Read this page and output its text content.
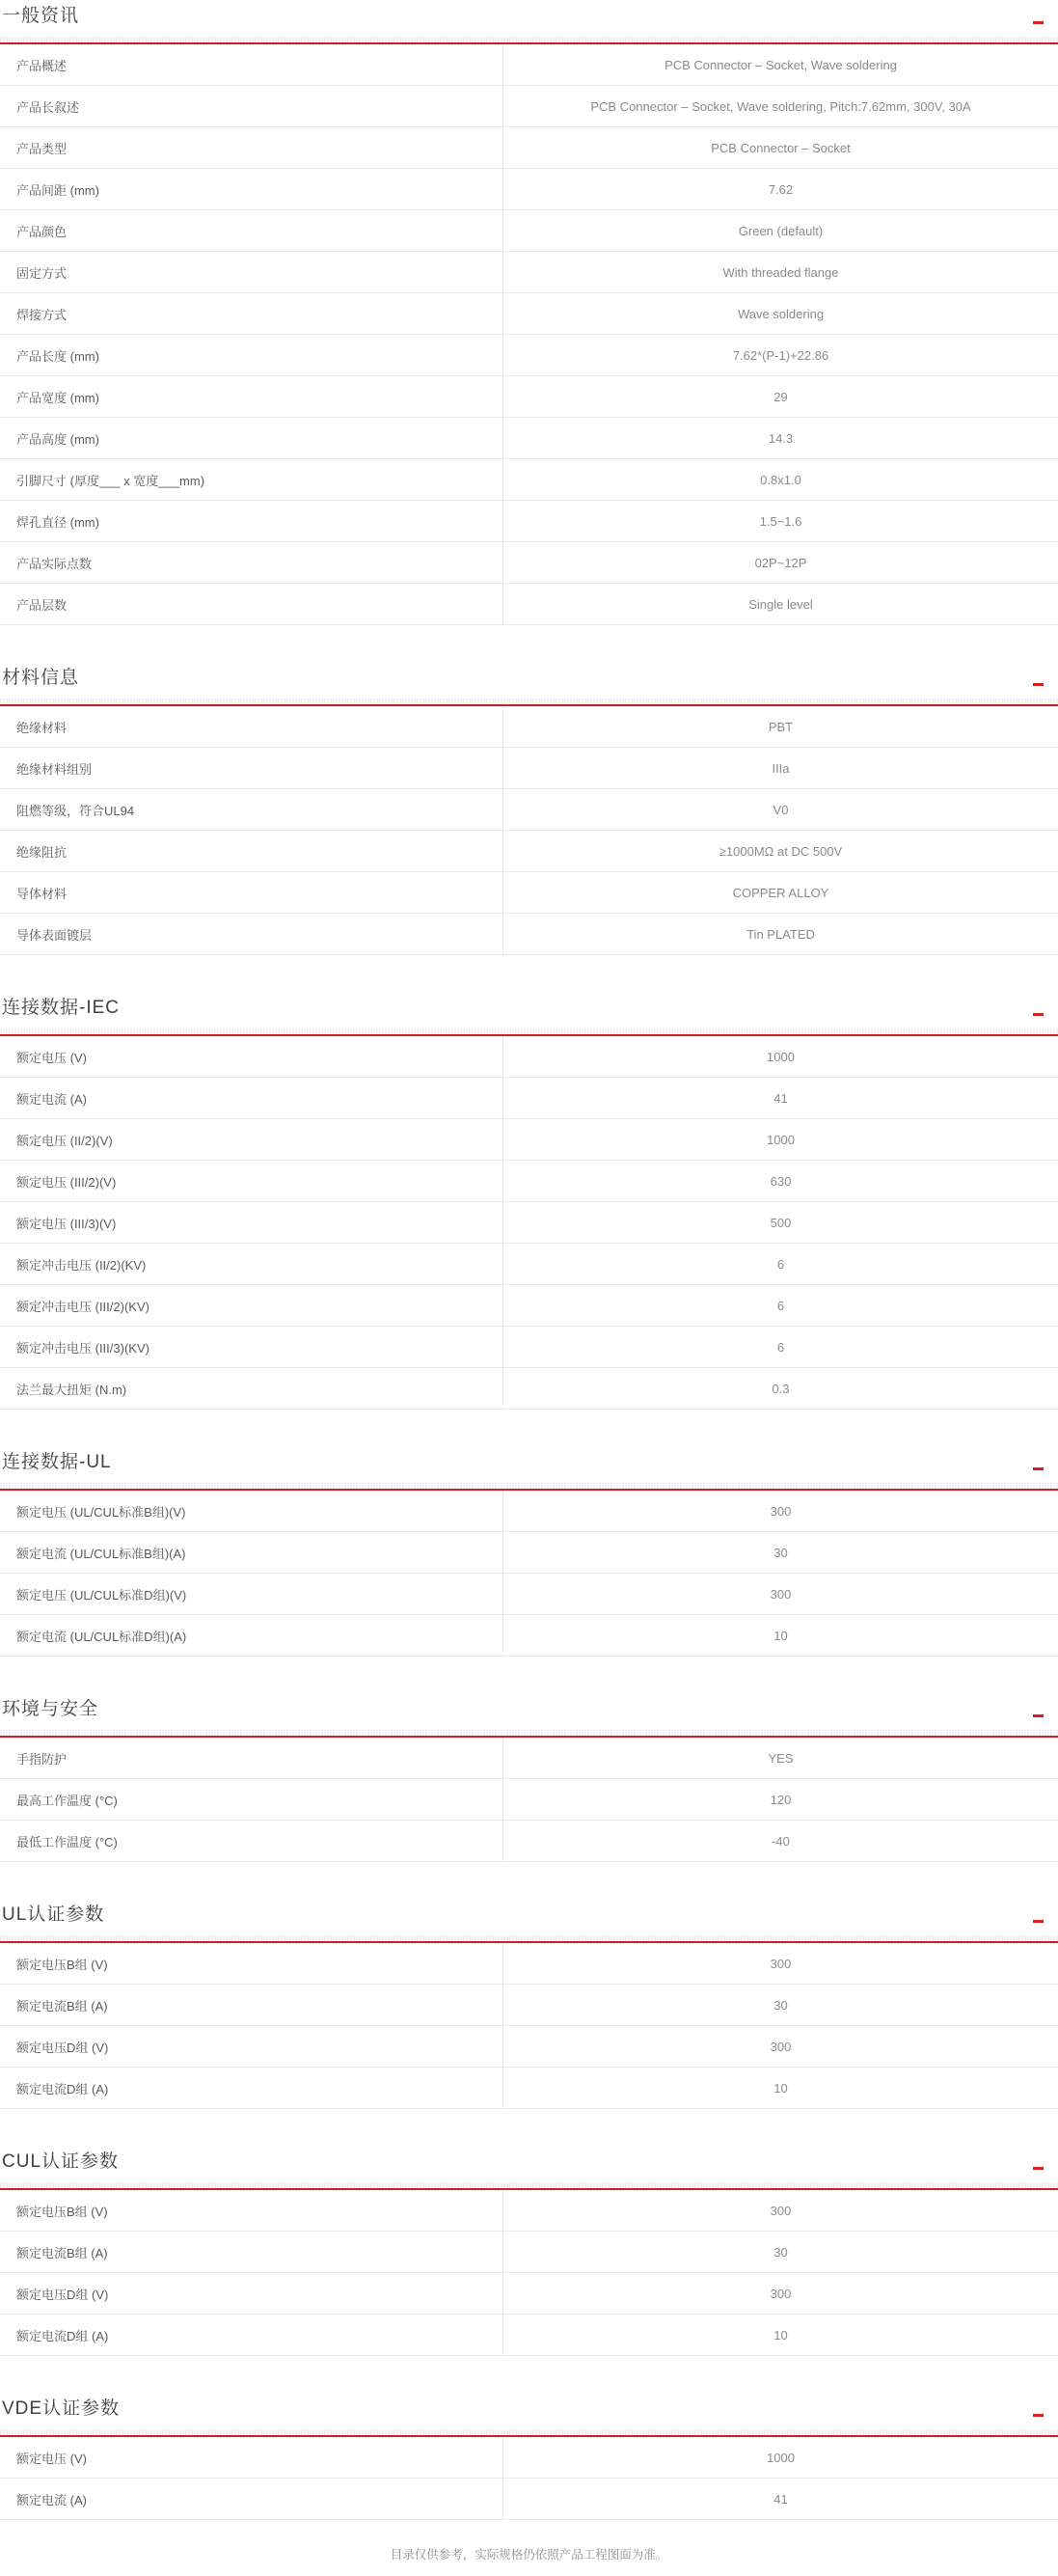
一般资讯
产品概述	PCB Connector – Socket, Wave soldering
产品长叙述	PCB Connector – Socket, Wave soldering, Pitch:7.62mm, 300V, 30A
产品类型	PCB Connector – Socket
产品间距 (mm)	7.62
产品颜色	Green (default)
固定方式	With threaded flange
焊接方式	Wave soldering
产品长度 (mm)	7.62*(P-1)+22.86
产品宽度 (mm)	29
产品高度 (mm)	14.3
引脚尺寸 (厚度___ x 宽度___mm)	0.8x1.0
焊孔直径 (mm)	1.5~1.6
产品实际点数	02P~12P
产品层数	Single level
材料信息
绝缘材料	PBT
绝缘材料组别	IIIa
阻燃等级，符合UL94	V0
绝缘阻抗	≥1000MΩ at DC 500V
导体材料	COPPER ALLOY
导体表面镀层	Tin PLATED
连接数据-IEC
额定电压 (V)	1000
额定电流 (A)	41
额定电压 (II/2)(V)	1000
额定电压 (III/2)(V)	630
额定电压 (III/3)(V)	500
额定冲击电压 (II/2)(KV)	6
额定冲击电压 (III/2)(KV)	6
额定冲击电压 (III/3)(KV)	6
法兰最大扭矩 (N.m)	0.3
连接数据-UL
额定电压 (UL/CUL标准B组)(V)	300
额定电流 (UL/CUL标准B组)(A)	30
额定电压 (UL/CUL标准D组)(V)	300
额定电流 (UL/CUL标准D组)(A)	10
环境与安全
手指防护	YES
最高工作温度 (°C)	120
最低工作温度 (°C)	-40
UL认证参数
额定电压B组 (V)	300
额定电流B组 (A)	30
额定电压D组 (V)	300
额定电流D组 (A)	10
CUL认证参数
额定电压B组 (V)	300
额定电流B组 (A)	30
额定电压D组 (V)	300
额定电流D组 (A)	10
VDE认证参数
额定电压 (V)	1000
额定电流 (A)	41

目录仅供参考，实际规格仍依照产品工程图面为准。
